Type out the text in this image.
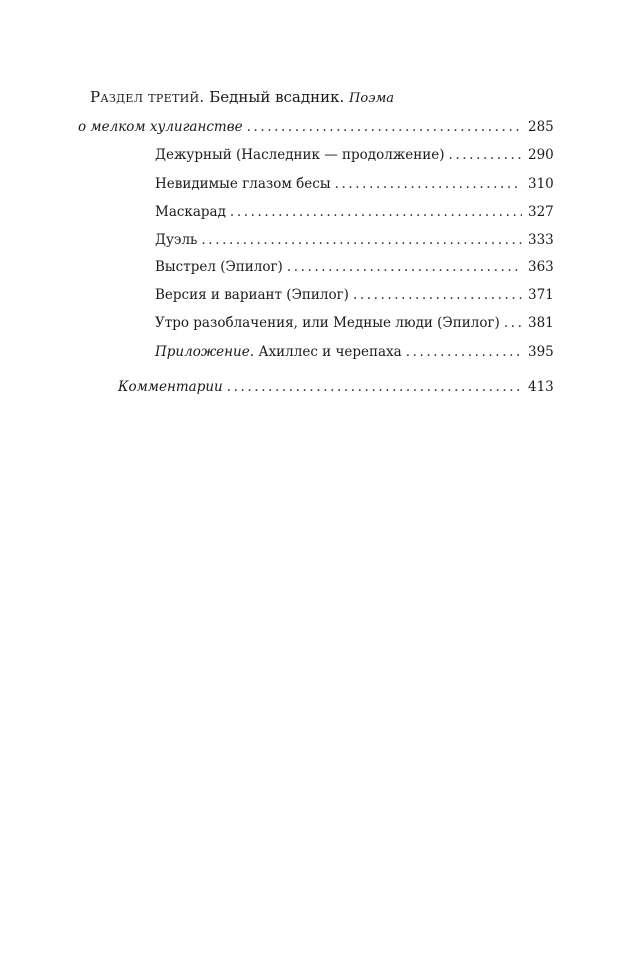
Раздел третий. Бедный всадник. Поэма
о мелком хулиганстве .....	285
Дежурный (Наследник — продолжение) .....	290
Невидимые глазом бесы .....	310
Маскарад .....	327
Дуэль .....	333
Выстрел (Эпилог) .....	363
Версия и вариант (Эпилог) .....	371
Утро разоблачения, или Медные люди (Эпилог) ..... 381
Приложение. Ахиллес и черепаха .....	395
Комментарии .....	413
